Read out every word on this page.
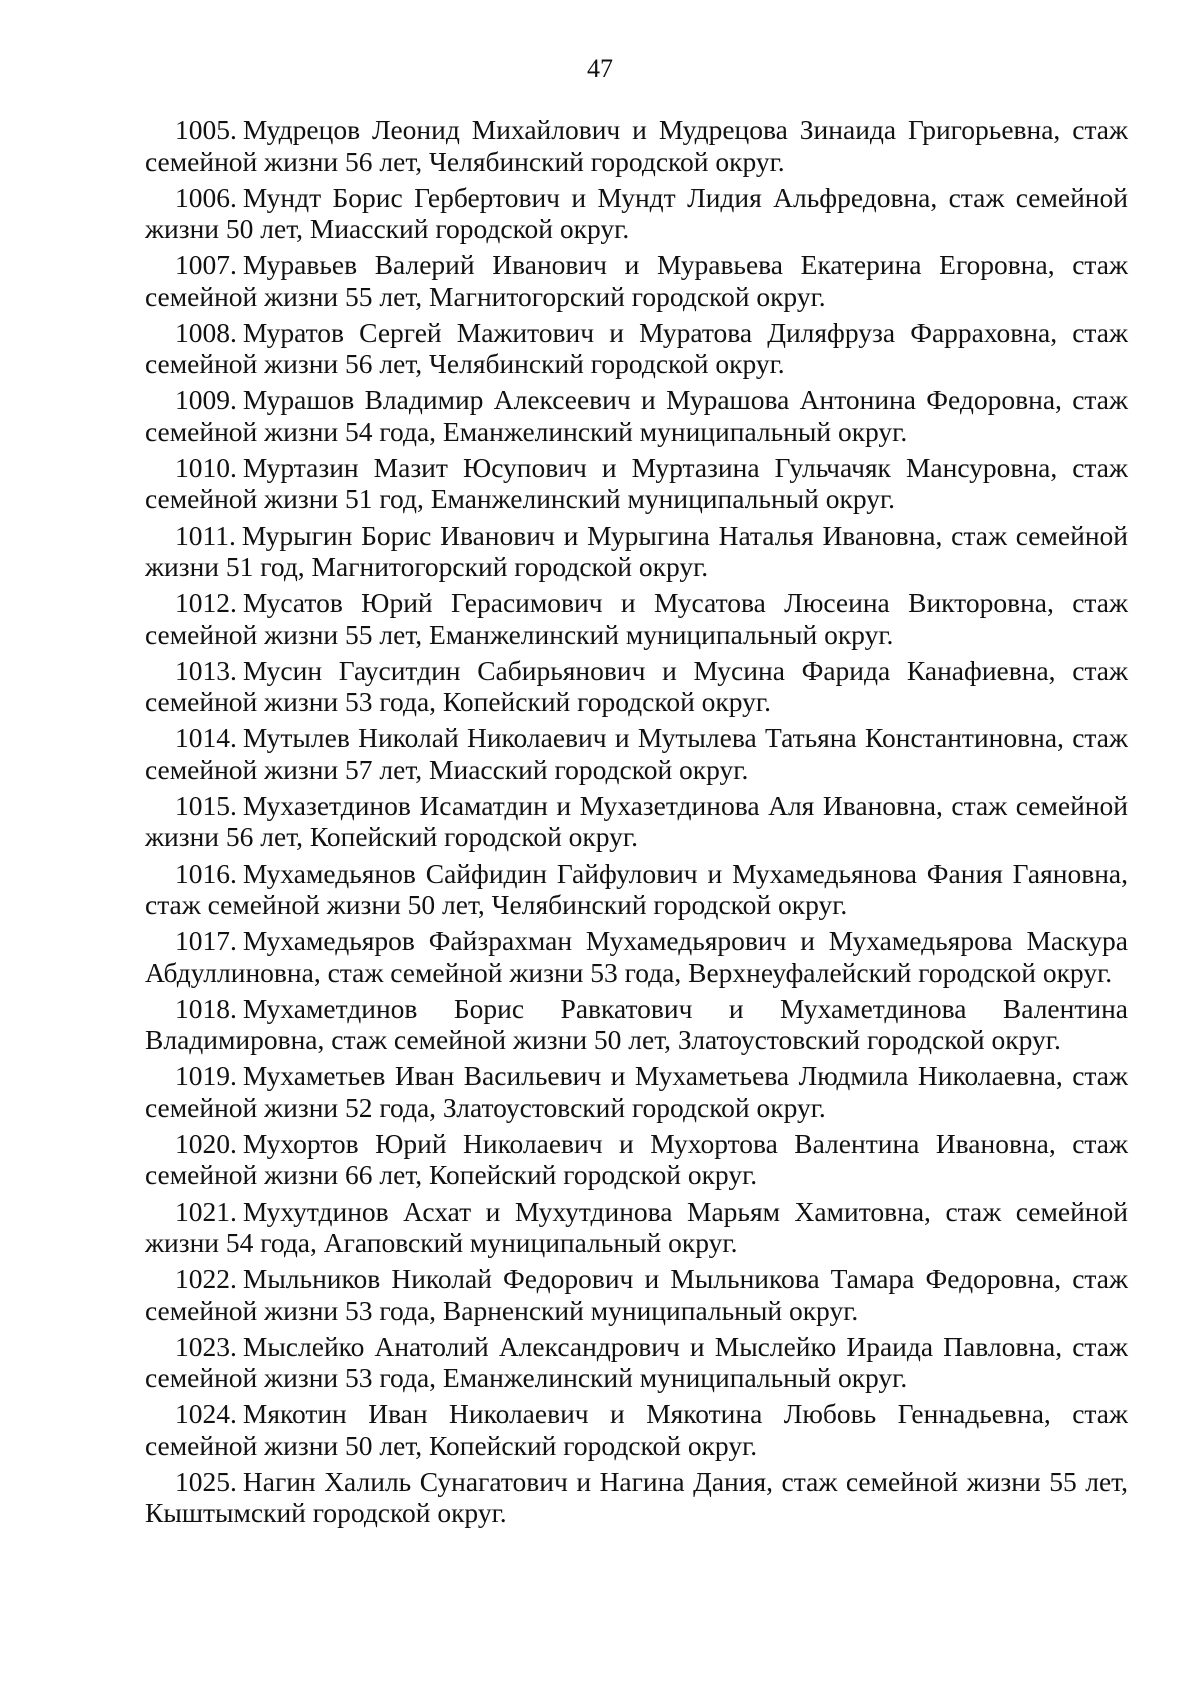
47

1005. Мудрецов Леонид Михайлович и Мудрецова Зинаида Григорьевна, стаж семейной жизни 56 лет, Челябинский городской округ.

1006. Мундт Борис Гербертович и Мундт Лидия Альфредовна, стаж семейной жизни 50 лет, Миасский городской округ.

1007. Муравьев Валерий Иванович и Муравьева Екатерина Егоровна, стаж семейной жизни 55 лет, Магнитогорский городской округ.

1008. Муратов Сергей Мажитович и Муратова Диляфруза Фарраховна, стаж семейной жизни 56 лет, Челябинский городской округ.

1009. Мурашов Владимир Алексеевич и Мурашова Антонина Федоровна, стаж семейной жизни 54 года, Еманжелинский муниципальный округ.

1010. Муртазин Мазит Юсупович и Муртазина Гульчачяк Мансуровна, стаж семейной жизни 51 год, Еманжелинский муниципальный округ.

1011. Мурыгин Борис Иванович и Мурыгина Наталья Ивановна, стаж семейной жизни 51 год, Магнитогорский городской округ.

1012. Мусатов Юрий Герасимович и Мусатова Люсеина Викторовна, стаж семейной жизни 55 лет, Еманжелинский муниципальный округ.

1013. Мусин Гауситдин Сабирьянович и Мусина Фарида Канафиевна, стаж семейной жизни 53 года, Копейский городской округ.

1014. Мутылев Николай Николаевич и Мутылева Татьяна Константиновна, стаж семейной жизни 57 лет, Миасский городской округ.

1015. Мухазетдинов Исаматдин и Мухазетдинова Аля Ивановна, стаж семейной жизни 56 лет, Копейский городской округ.

1016. Мухамедьянов Сайфидин Гайфулович и Мухамедьянова Фания Гаяновна, стаж семейной жизни 50 лет, Челябинский городской округ.

1017. Мухамедьяров Файзрахман Мухамедьярович и Мухамедьярова Маскура Абдуллиновна, стаж семейной жизни 53 года, Верхнеуфалейский городской округ.

1018. Мухаметдинов Борис Равкатович и Мухаметдинова Валентина Владимировна, стаж семейной жизни 50 лет, Златоустовский городской округ.

1019. Мухаметьев Иван Васильевич и Мухаметьева Людмила Николаевна, стаж семейной жизни 52 года, Златоустовский городской округ.

1020. Мухортов Юрий Николаевич и Мухортова Валентина Ивановна, стаж семейной жизни 66 лет, Копейский городской округ.

1021. Мухутдинов Асхат и Мухутдинова Марьям Хамитовна, стаж семейной жизни 54 года, Агаповский муниципальный округ.

1022. Мыльников Николай Федорович и Мыльникова Тамара Федоровна, стаж семейной жизни 53 года, Варненский муниципальный округ.

1023. Мыслейко Анатолий Александрович и Мыслейко Ираида Павловна, стаж семейной жизни 53 года, Еманжелинский муниципальный округ.

1024. Мякотин Иван Николаевич и Мякотина Любовь Геннадьевна, стаж семейной жизни 50 лет, Копейский городской округ.

1025. Нагин Халиль Сунагатович и Нагина Дания, стаж семейной жизни 55 лет, Кыштымский городской округ.
